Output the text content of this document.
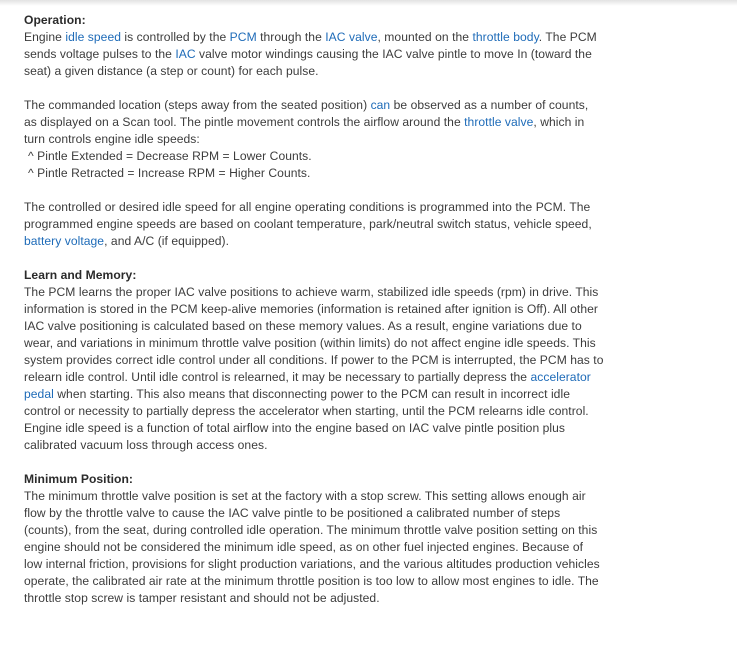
Operation:

Engine idle speed is controlled by the PCM through the IAC valve, mounted on the throttle body. The PCM sends voltage pulses to the IAC valve motor windings causing the IAC valve pintle to move In (toward the seat) a given distance (a step or count) for each pulse.

The commanded location (steps away from the seated position) can be observed as a number of counts, as displayed on a Scan tool. The pintle movement controls the airflow around the throttle valve, which in turn controls engine idle speeds:

^ Pintle Extended = Decrease RPM = Lower Counts.

^ Pintle Retracted = Increase RPM = Higher Counts.

The controlled or desired idle speed for all engine operating conditions is programmed into the PCM. The programmed engine speeds are based on coolant temperature, park/neutral switch status, vehicle speed, battery voltage, and A/C (if equipped).

Learn and Memory:

The PCM learns the proper IAC valve positions to achieve warm, stabilized idle speeds (rpm) in drive. This information is stored in the PCM keep-alive memories (information is retained after ignition is Off). All other IAC valve positioning is calculated based on these memory values. As a result, engine variations due to wear, and variations in minimum throttle valve position (within limits) do not affect engine idle speeds. This system provides correct idle control under all conditions. If power to the PCM is interrupted, the PCM has to relearn idle control. Until idle control is relearned, it may be necessary to partially depress the accelerator pedal when starting. This also means that disconnecting power to the PCM can result in incorrect idle control or necessity to partially depress the accelerator when starting, until the PCM relearns idle control. Engine idle speed is a function of total airflow into the engine based on IAC valve pintle position plus calibrated vacuum loss through access ones.

Minimum Position:

The minimum throttle valve position is set at the factory with a stop screw. This setting allows enough air flow by the throttle valve to cause the IAC valve pintle to be positioned a calibrated number of steps (counts), from the seat, during controlled idle operation. The minimum throttle valve position setting on this engine should not be considered the minimum idle speed, as on other fuel injected engines. Because of low internal friction, provisions for slight production variations, and the various altitudes production vehicles operate, the calibrated air rate at the minimum throttle position is too low to allow most engines to idle. The throttle stop screw is tamper resistant and should not be adjusted.
